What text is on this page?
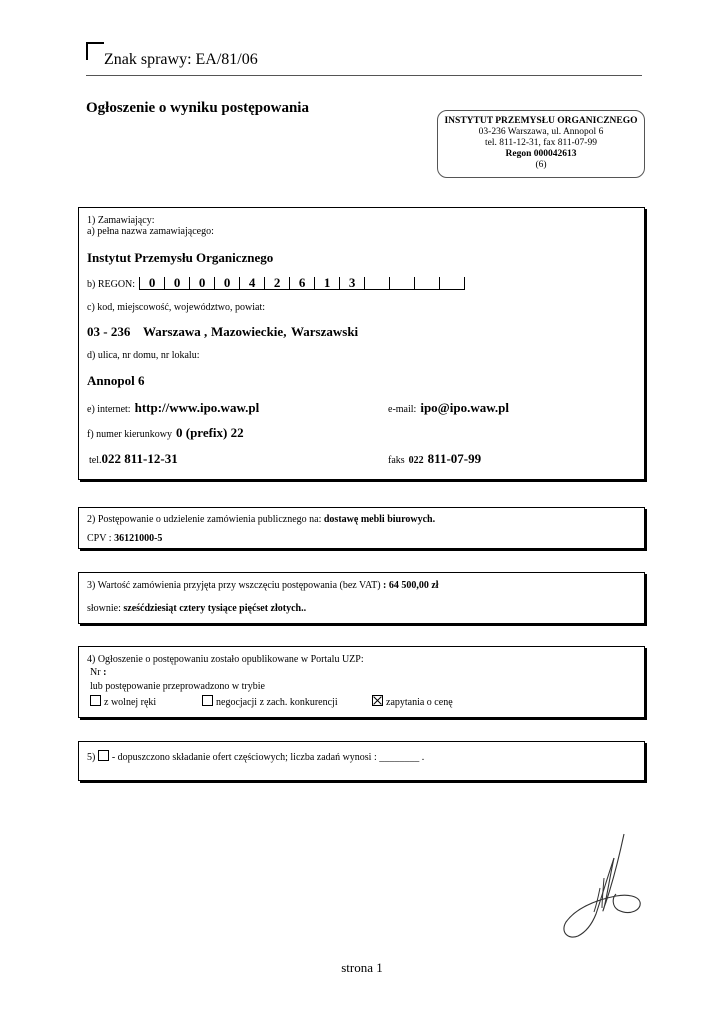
Znak sprawy: EA/81/06
Ogłoszenie o wyniku postępowania
INSTYTUT PRZEMYSŁU ORGANICZNEGO
03-236 Warszawa, ul. Annopol 6
tel. 811-12-31, fax 811-07-99
Regon 000042613
(6)
1) Zamawiający:
a) pełna nazwa zamawiającego:
Instytut Przemysłu Organicznego
b) REGON: 0 0 0 0 4 2 6 1 3
c) kod, miejscowość, województwo, powiat:
03 - 236 Warszawa , Mazowieckie, Warszawski
d) ulica, nr domu, nr lokalu:
Annopol 6
e) internet: http://www.ipo.waw.pl	e-mail: ipo@ipo.waw.pl
f) numer kierunkowy 0 (prefix) 22
tel.022 811-12-31	faks 022 811-07-99
2) Postępowanie o udzielenie zamówienia publicznego na: dostawę mebli biurowych.
CPV : 36121000-5
3) Wartość zamówienia przyjęta przy wszczęciu postępowania (bez VAT) : 64 500,00 zł
słownie: sześćdziesiąt cztery tysiące pięćset złotych..
4) Ogłoszenie o postępowaniu zostało opublikowane w Portalu UZP:
Nr :
lub postępowanie przeprowadzono w trybie
z wolnej ręki	negocjacji z zach. konkurencji	zapytania o cenę
5) - dopuszczono składanie ofert częściowych; liczba zadań wynosi : ________ .
strona 1
